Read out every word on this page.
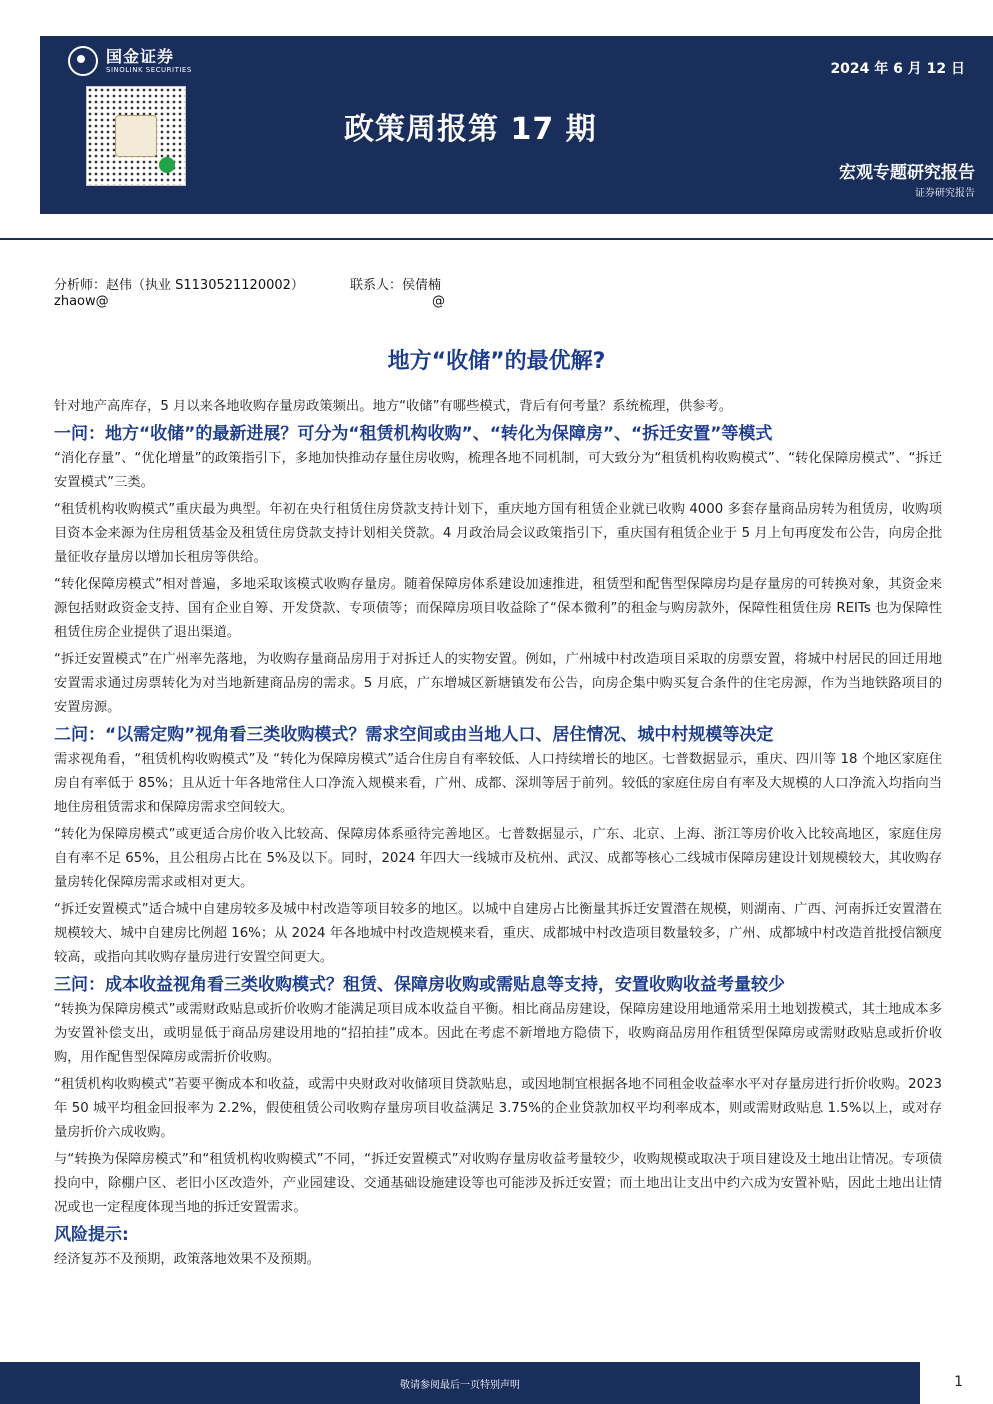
国金证券
SINOLINK SECURITIES	2024 年 6 月 12 日
政策周报第 17 期
宏观专题研究报告
证券研究报告
分析师：赵伟（执业 S1130521120002）	联系人：侯倩楠
zhaow@	@
地方“收储”的最优解?
针对地产高库存，5 月以来各地收购存量房政策频出。地方“收储”有哪些模式，背后有何考量？系统梳理，供参考。
一问：地方“收储”的最新进展？可分为“租赁机构收购”、“转化为保障房”、“拆迁安置”等模式
“消化存量”、“优化增量”的政策指引下，多地加快推动存量住房收购，梳理各地不同机制，可大致分为“租赁机构收购模式”、“转化保障房模式”、“拆迁安置模式”三类。
“租赁机构收购模式”重庆最为典型。年初在央行租赁住房贷款支持计划下，重庆地方国有租赁企业就已收购 4000 多套存量商品房转为租赁房，收购项目资本金来源为住房租赁基金及租赁住房贷款支持计划相关贷款。4 月政治局会议政策指引下，重庆国有租赁企业于 5 月上旬再度发布公告，向房企批量征收存量房以增加长租房等供给。
“转化保障房模式”相对普遍，多地采取该模式收购存量房。随着保障房体系建设加速推进，租赁型和配售型保障房均是存量房的可转换对象，其资金来源包括财政资金支持、国有企业自筹、开发贷款、专项债等；而保障房项目收益除了“保本微利”的租金与购房款外，保障性租赁住房 REITs 也为保障性租赁住房企业提供了退出渠道。
“拆迁安置模式”在广州率先落地，为收购存量商品房用于对拆迁人的实物安置。例如，广州城中村改造项目采取的房票安置，将城中村居民的回迁用地安置需求通过房票转化为对当地新建商品房的需求。5 月底，广东增城区新塘镇发布公告，向房企集中购买复合条件的住宅房源，作为当地铁路项目的安置房源。
二问：“以需定购”视角看三类收购模式？需求空间或由当地人口、居住情况、城中村规模等决定
需求视角看，“租赁机构收购模式”及 “转化为保障房模式”适合住房自有率较低、人口持续增长的地区。七普数据显示，重庆、四川等 18 个地区家庭住房自有率低于 85%；且从近十年各地常住人口净流入规模来看，广州、成都、深圳等居于前列。较低的家庭住房自有率及大规模的人口净流入均指向当地住房租赁需求和保障房需求空间较大。
“转化为保障房模式”或更适合房价收入比较高、保障房体系亟待完善地区。七普数据显示，广东、北京、上海、浙江等房价收入比较高地区，家庭住房自有率不足 65%，且公租房占比在 5%及以下。同时，2024 年四大一线城市及杭州、武汉、成都等核心二线城市保障房建设计划规模较大，其收购存量房转化保障房需求或相对更大。
“拆迁安置模式”适合城中自建房较多及城中村改造等项目较多的地区。以城中自建房占比衡量其拆迁安置潜在规模，则湖南、广西、河南拆迁安置潜在规模较大、城中自建房比例超 16%；从 2024 年各地城中村改造规模来看，重庆、成都城中村改造项目数量较多，广州、成都城中村改造首批授信额度较高，或指向其收购存量房进行安置空间更大。
三问：成本收益视角看三类收购模式？租赁、保障房收购或需贴息等支持，安置收购收益考量较少
“转换为保障房模式”或需财政贴息或折价收购才能满足项目成本收益自平衡。相比商品房建设，保障房建设用地通常采用土地划拨模式，其土地成本多为安置补偿支出，或明显低于商品房建设用地的“招拍挂”成本。因此在考虑不新增地方隐债下，收购商品房用作租赁型保障房或需财政贴息或折价收购，用作配售型保障房或需折价收购。
“租赁机构收购模式”若要平衡成本和收益，或需中央财政对收储项目贷款贴息，或因地制宜根据各地不同租金收益率水平对存量房进行折价收购。2023 年 50 城平均租金回报率为 2.2%，假使租赁公司收购存量房项目收益满足 3.75%的企业贷款加权平均利率成本，则或需财政贴息 1.5%以上，或对存量房折价六成收购。
与“转换为保障房模式”和“租赁机构收购模式”不同，“拆迁安置模式”对收购存量房收益考量较少，收购规模或取决于项目建设及土地出让情况。专项债投向中，除棚户区、老旧小区改造外，产业园建设、交通基础设施建设等也可能涉及拆迁安置；而土地出让支出中约六成为安置补贴，因此土地出让情况或也一定程度体现当地的拆迁安置需求。
风险提示:
经济复苏不及预期，政策落地效果不及预期。
敬请参阅最后一页特别声明	1
